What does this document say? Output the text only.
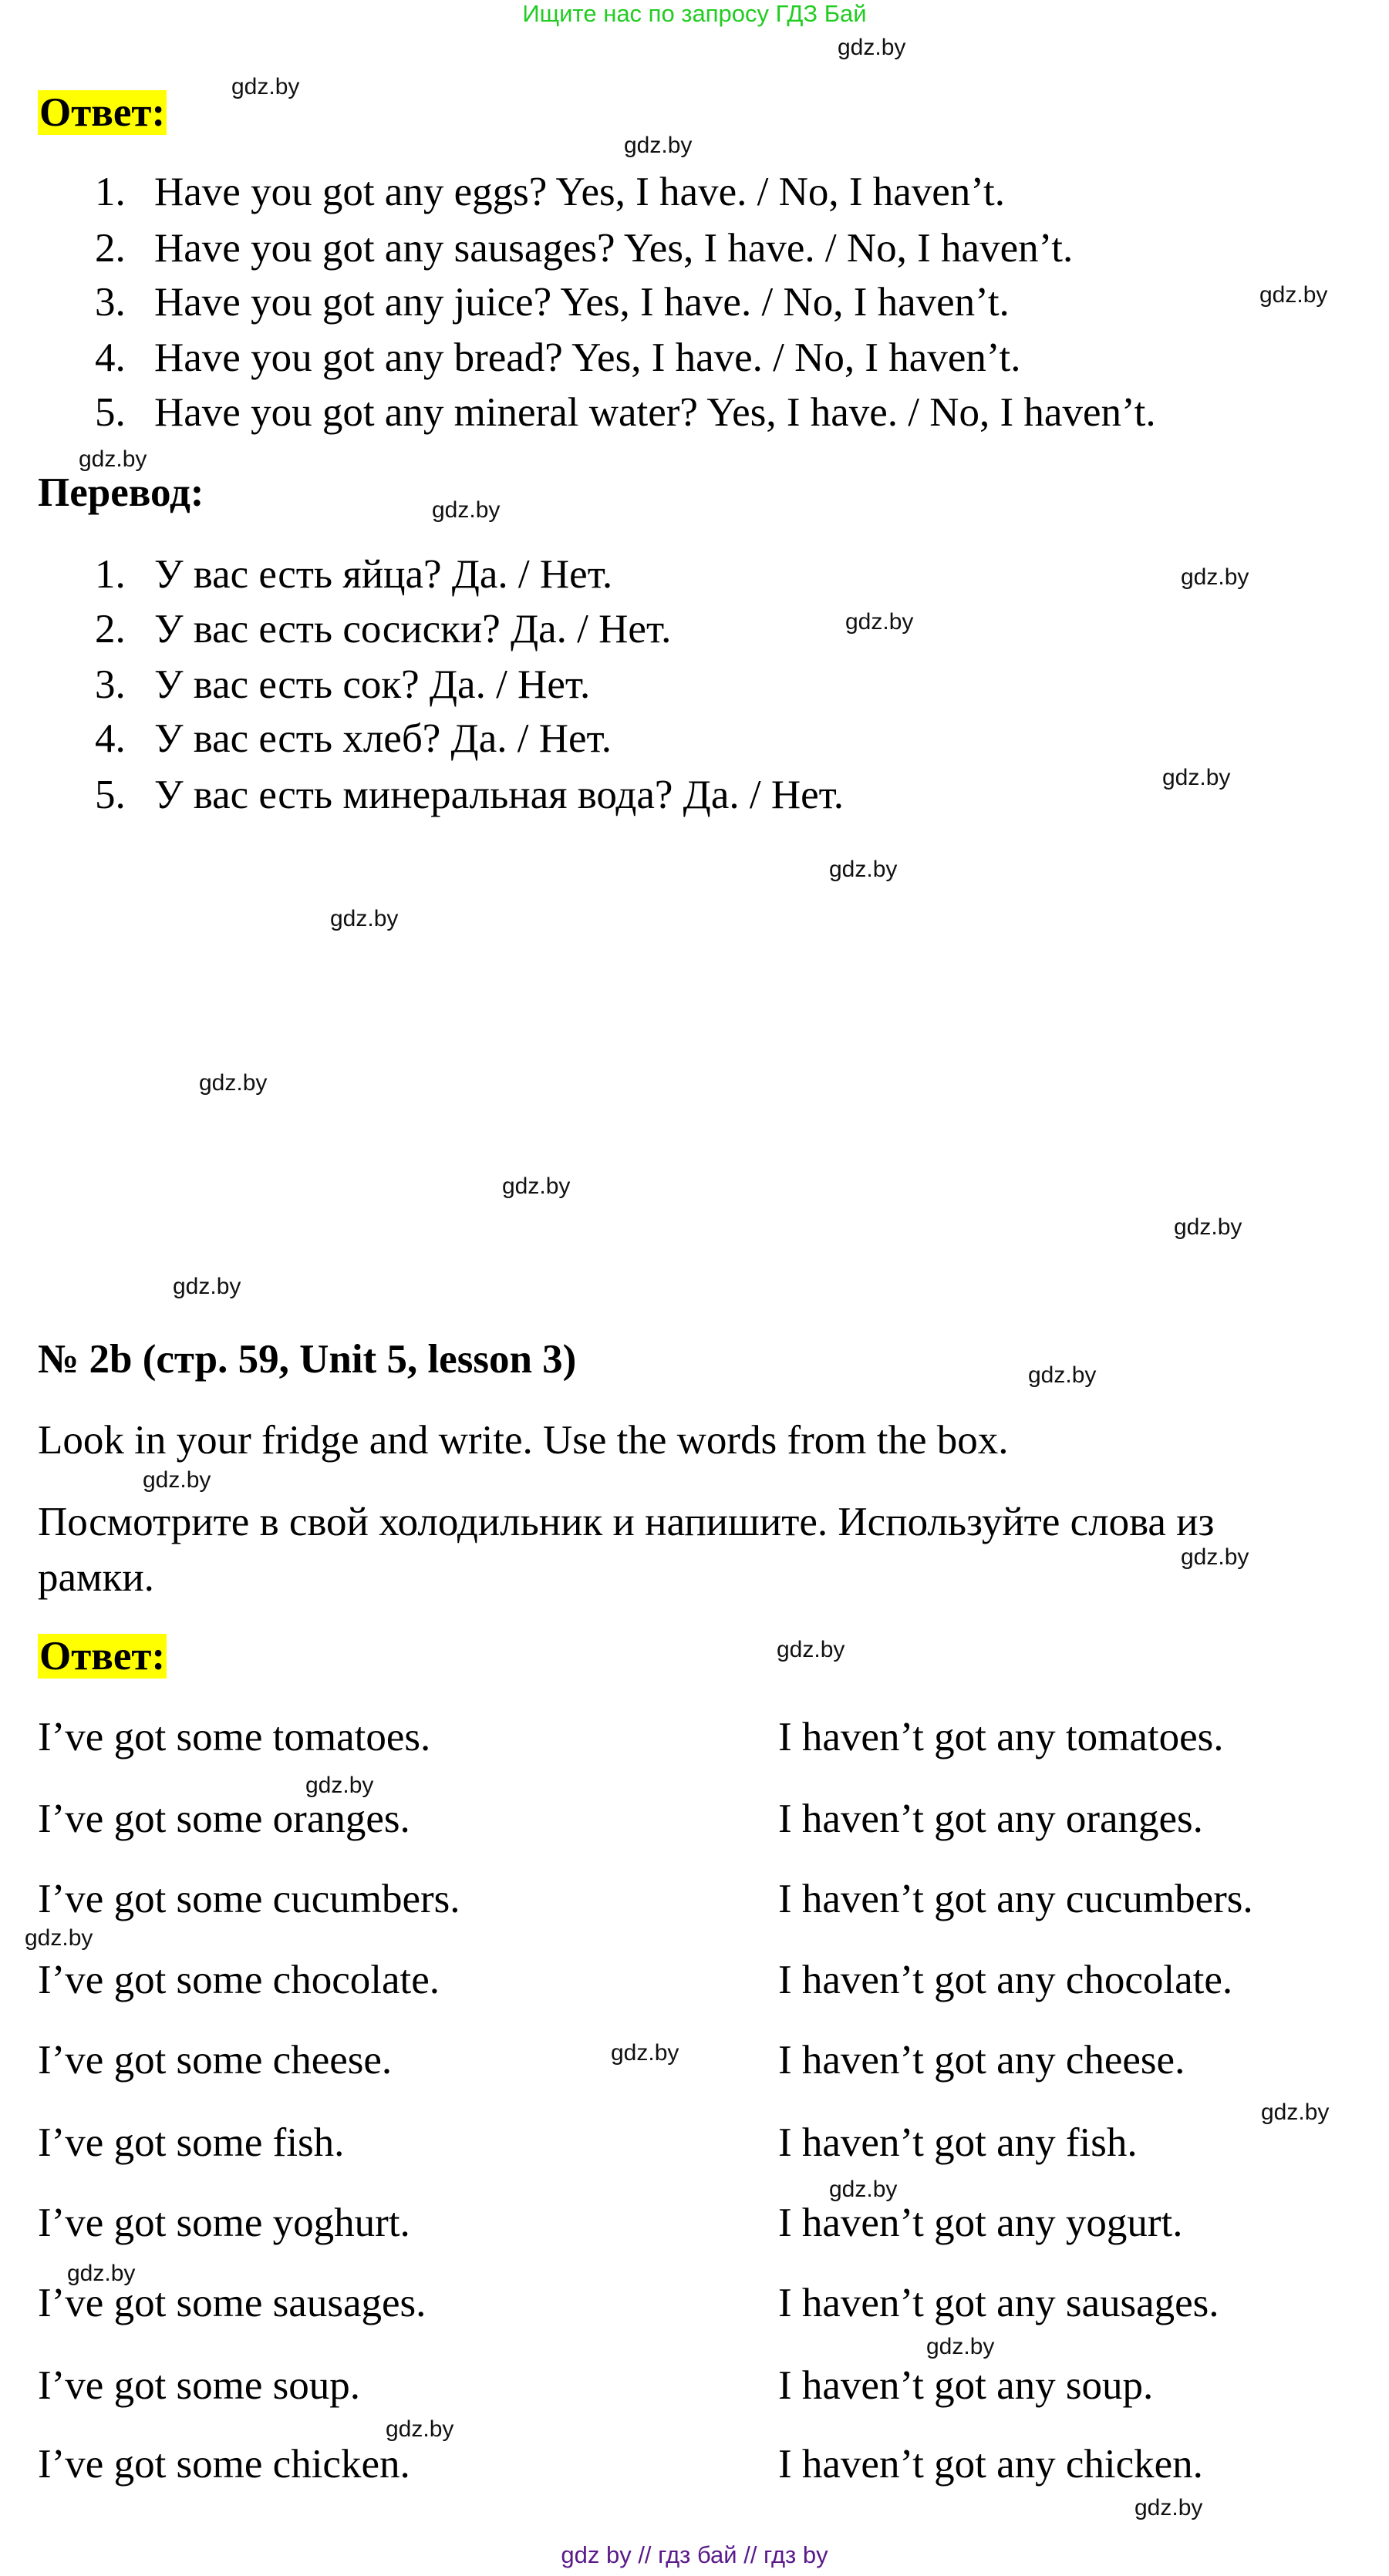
Ищите нас по запросу ГДЗ Бай
Ответ:
1. Have you got any eggs? Yes, I have. / No, I haven’t.
2. Have you got any sausages? Yes, I have. / No, I haven’t.
3. Have you got any juice? Yes, I have. / No, I haven’t.
4. Have you got any bread? Yes, I have. / No, I haven’t.
5. Have you got any mineral water? Yes, I have. / No, I haven’t.
Перевод:
1. У вас есть яйца? Да. / Нет.
2. У вас есть сосиски? Да. / Нет.
3. У вас есть сок? Да. / Нет.
4. У вас есть хлеб? Да. / Нет.
5. У вас есть минеральная вода? Да. / Нет.
№ 2b (стр. 59, Unit 5, lesson 3)
Look in your fridge and write. Use the words from the box.
Посмотрите в свой холодильник и напишите. Используйте слова из
рамки.
Ответ:
I’ve got some tomatoes.	I haven’t got any tomatoes.
I’ve got some oranges.	I haven’t got any oranges.
I’ve got some cucumbers.	I haven’t got any cucumbers.
I’ve got some chocolate.	I haven’t got any chocolate.
I’ve got some cheese.	I haven’t got any cheese.
I’ve got some fish.	I haven’t got any fish.
I’ve got some yoghurt.	I haven’t got any yogurt.
I’ve got some sausages.	I haven’t got any sausages.
I’ve got some soup.	I haven’t got any soup.
I’ve got some chicken.	I haven’t got any chicken.
gdz.by
gdz.by
gdz.by
gdz.by
gdz.by
gdz.by
gdz.by
gdz.by
gdz.by
gdz.by
gdz.by
gdz.by
gdz.by
gdz.by
gdz.by
gdz.by
gdz.by
gdz.by
gdz.by
gdz.by
gdz.by
gdz.by
gdz.by
gdz.by
gdz.by
gdz.by
gdz.by
gdz.by
gdz by // гдз бай // гдз by
